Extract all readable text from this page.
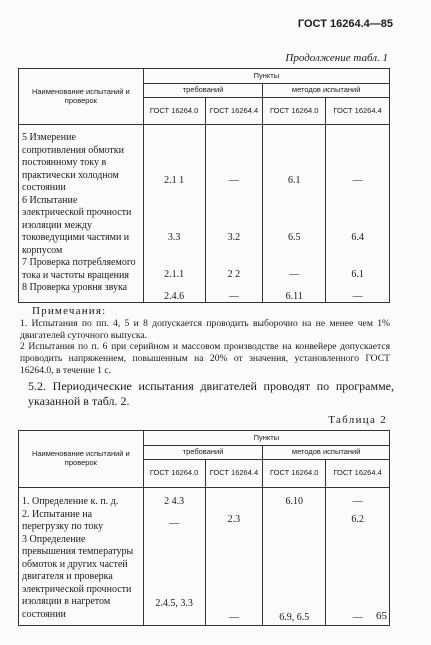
ГОСТ 16264.4—85
Продолжение табл. 1
Наименование испытаний и проверок	Пункты			
	требований		методов испытаний	
	ГОСТ 16264.0	ГОСТ 16264.4	ГОСТ 16264.0	ГОСТ 16264.4
5 Измерение сопротивления обмотки постоянному току в практически холодном состоянии	2.1 1	—	6.1	—
6 Испытание электрической прочности изоляции между токоведущими частями и корпусом	3.3	3.2	6.5	6.4
7 Проверка потребляемого тока и частоты вращения	2.1.1	2 2	—	6.1
8 Проверка уровня звука	2.4.6	—	6.11	—
Примечания:
1. Испытания по пп. 4, 5 и 8 допускается проводить выборочно на не менее чем 1% двигателей суточного выпуска.
2 Испытания по п. 6 при серийном и массовом производстве на конвейере допускается проводить напряжением, повышенным на 20% от значения, установленного ГОСТ 16264.0, в течение 1 с.
5.2. Периодические испытания двигателей проводят по программе, указанной в табл. 2.
Таблица 2
Наименование испытаний и проверок	Пункты			
	требований		методов испытаний	
	ГОСТ 16264.0	ГОСТ 16264.4	ГОСТ 16264.0	ГОСТ 16264.4
1. Определение к. п. д.	2 4.3		6.10	—
2. Испытание на перегрузку по току	—	2.3		6.2
3 Определение превышения температуры обмоток и других частей двигателя и проверка электрической прочности изоляции в нагретом состоянии	2.4.5, 3.3	—	6.9, 6.5	— 65
